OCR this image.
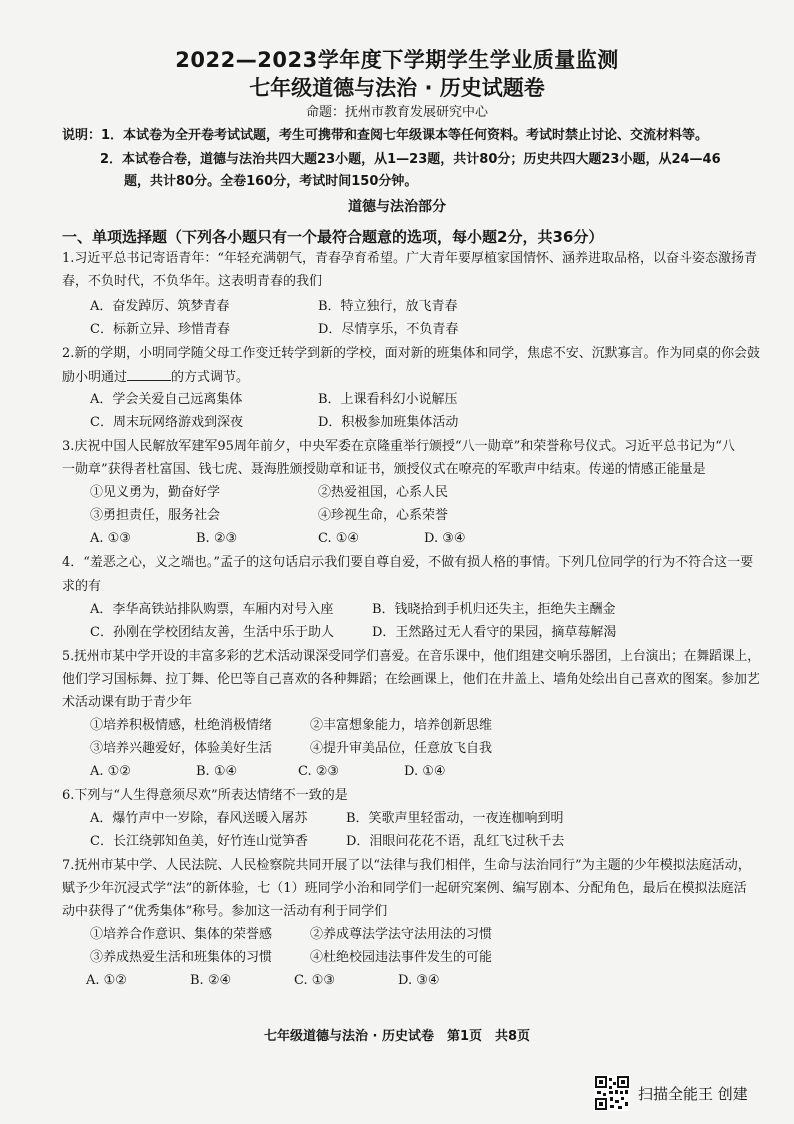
2022—2023学年度下学期学生学业质量监测
七年级道德与法治 · 历史试题卷
命题：抚州市教育发展研究中心
说明：1．本试卷为全开卷考试试题，考生可携带和查阅七年级课本等任何资料。考试时禁止讨论、交流材料等。
2．本试卷合卷，道德与法治共四大题23小题，从1—23题，共计80分；历史共四大题23小题，从24—46
题，共计80分。全卷160分，考试时间150分钟。
道德与法治部分
一、单项选择题（下列各小题只有一个最符合题意的选项，每小题2分，共36分）
1.习近平总书记寄语青年：“年轻充满朝气，青春孕育希望。广大青年要厚植家国情怀、涵养进取品格，以奋斗姿态激扬青
春，不负时代，不负华年。这表明青春的我们
A．奋发踔厉、筑梦青春	B．特立独行，放飞青春
C．标新立异、珍惜青春	D．尽情享乐，不负青春
2.新的学期，小明同学随父母工作变迁转学到新的学校，面对新的班集体和同学，焦虑不安、沉默寡言。作为同桌的你会鼓
励小明通过	的方式调节。
A．学会关爱自己远离集体	B．上课看科幻小说解压
C．周末玩网络游戏到深夜	D．积极参加班集体活动
3.庆祝中国人民解放军建军95周年前夕，中央军委在京隆重举行颁授“八一勋章”和荣誉称号仪式。习近平总书记为“八
一勋章”获得者杜富国、钱七虎、聂海胜颁授勋章和证书，颁授仪式在嘹亮的军歌声中结束。传递的情感正能量是
①见义勇为，勤奋好学	②热爱祖国，心系人民
③勇担责任，服务社会	④珍视生命，心系荣誉
A. ①③	B. ②③	C. ①④	D. ③④
4．“羞恶之心，义之端也。”孟子的这句话启示我们要自尊自爱，不做有损人格的事情。下列几位同学的行为不符合这一要
求的有
A．李华高铁站排队购票，车厢内对号入座	B．钱晓拾到手机归还失主，拒绝失主酬金
C．孙刚在学校团结友善，生活中乐于助人	D．王然路过无人看守的果园，摘草莓解渴
5.抚州市某中学开设的丰富多彩的艺术活动课深受同学们喜爱。在音乐课中，他们组建交响乐器团，上台演出；在舞蹈课上，
他们学习国标舞、拉丁舞、伦巴等自己喜欢的各种舞蹈；在绘画课上，他们在井盖上、墙角处绘出自己喜欢的图案。参加艺
术活动课有助于青少年
①培养积极情感，杜绝消极情绪	②丰富想象能力，培养创新思维
③培养兴趣爱好，体验美好生活	④提升审美品位，任意放飞自我
A. ①②	B. ①④	C. ②③	D. ①④
6.下列与“人生得意须尽欢”所表达情绪不一致的是
A．爆竹声中一岁除，春风送暖入屠苏	B．笑歌声里轻雷动，一夜连枷响到明
C．长江绕郭知鱼美，好竹连山觉笋香	D．泪眼问花花不语，乱红飞过秋千去
7.抚州市某中学、人民法院、人民检察院共同开展了以“法律与我们相伴，生命与法治同行”为主题的少年模拟法庭活动，
赋予少年沉浸式学“法”的新体验，七（1）班同学小治和同学们一起研究案例、编写剧本、分配角色，最后在模拟法庭活
动中获得了“优秀集体”称号。参加这一活动有利于同学们
①培养合作意识、集体的荣誉感	②养成尊法学法守法用法的习惯
③养成热爱生活和班集体的习惯	④杜绝校园违法事件发生的可能
A. ①②	B. ②④	C. ①③	D. ③④
七年级道德与法治 · 历史试卷　第1页　共8页
扫描全能王 创建
